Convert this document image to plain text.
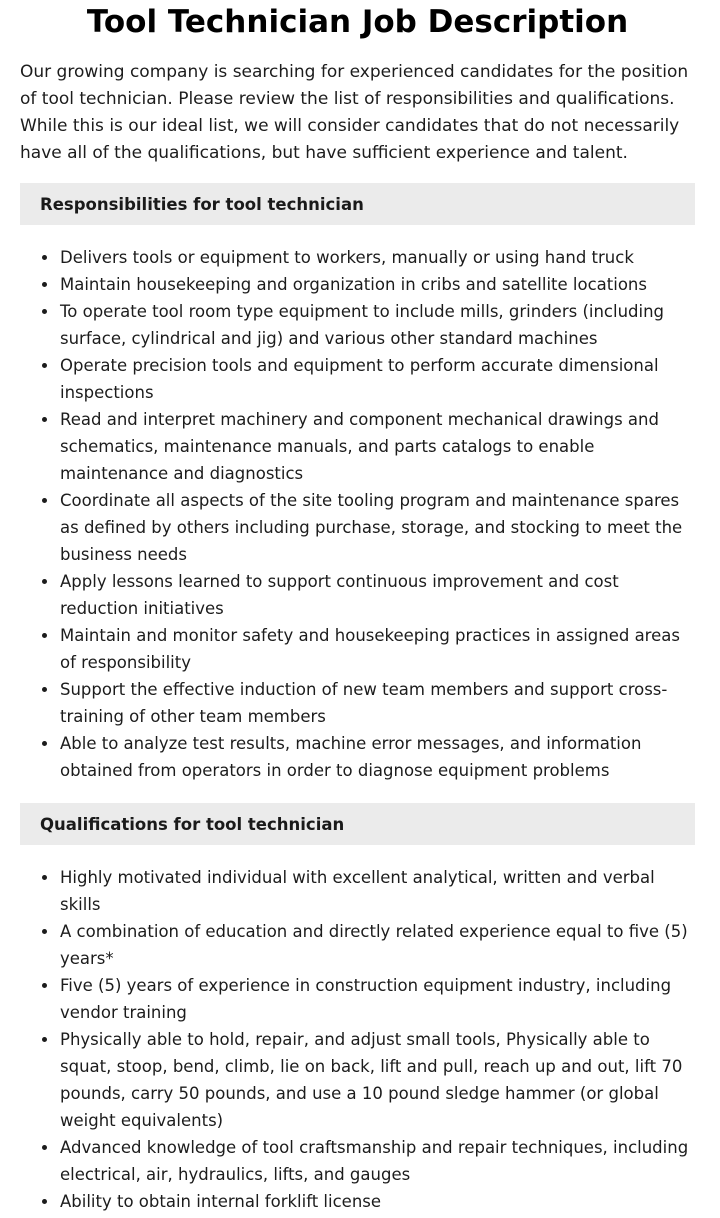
Tool Technician Job Description

Our growing company is searching for experienced candidates for the position of tool technician. Please review the list of responsibilities and qualifications. While this is our ideal list, we will consider candidates that do not necessarily have all of the qualifications, but have sufficient experience and talent.

Responsibilities for tool technician
Delivers tools or equipment to workers, manually or using hand truck
Maintain housekeeping and organization in cribs and satellite locations
To operate tool room type equipment to include mills, grinders (including surface, cylindrical and jig) and various other standard machines
Operate precision tools and equipment to perform accurate dimensional inspections
Read and interpret machinery and component mechanical drawings and schematics, maintenance manuals, and parts catalogs to enable maintenance and diagnostics
Coordinate all aspects of the site tooling program and maintenance spares as defined by others including purchase, storage, and stocking to meet the business needs
Apply lessons learned to support continuous improvement and cost reduction initiatives
Maintain and monitor safety and housekeeping practices in assigned areas of responsibility
Support the effective induction of new team members and support cross-training of other team members
Able to analyze test results, machine error messages, and information obtained from operators in order to diagnose equipment problems
Qualifications for tool technician
Highly motivated individual with excellent analytical, written and verbal skills
A combination of education and directly related experience equal to five (5) years*
Five (5) years of experience in construction equipment industry, including vendor training
Physically able to hold, repair, and adjust small tools, Physically able to squat, stoop, bend, climb, lie on back, lift and pull, reach up and out, lift 70 pounds, carry 50 pounds, and use a 10 pound sledge hammer (or global weight equivalents)
Advanced knowledge of tool craftsmanship and repair techniques, including electrical, air, hydraulics, lifts, and gauges
Ability to obtain internal forklift license
